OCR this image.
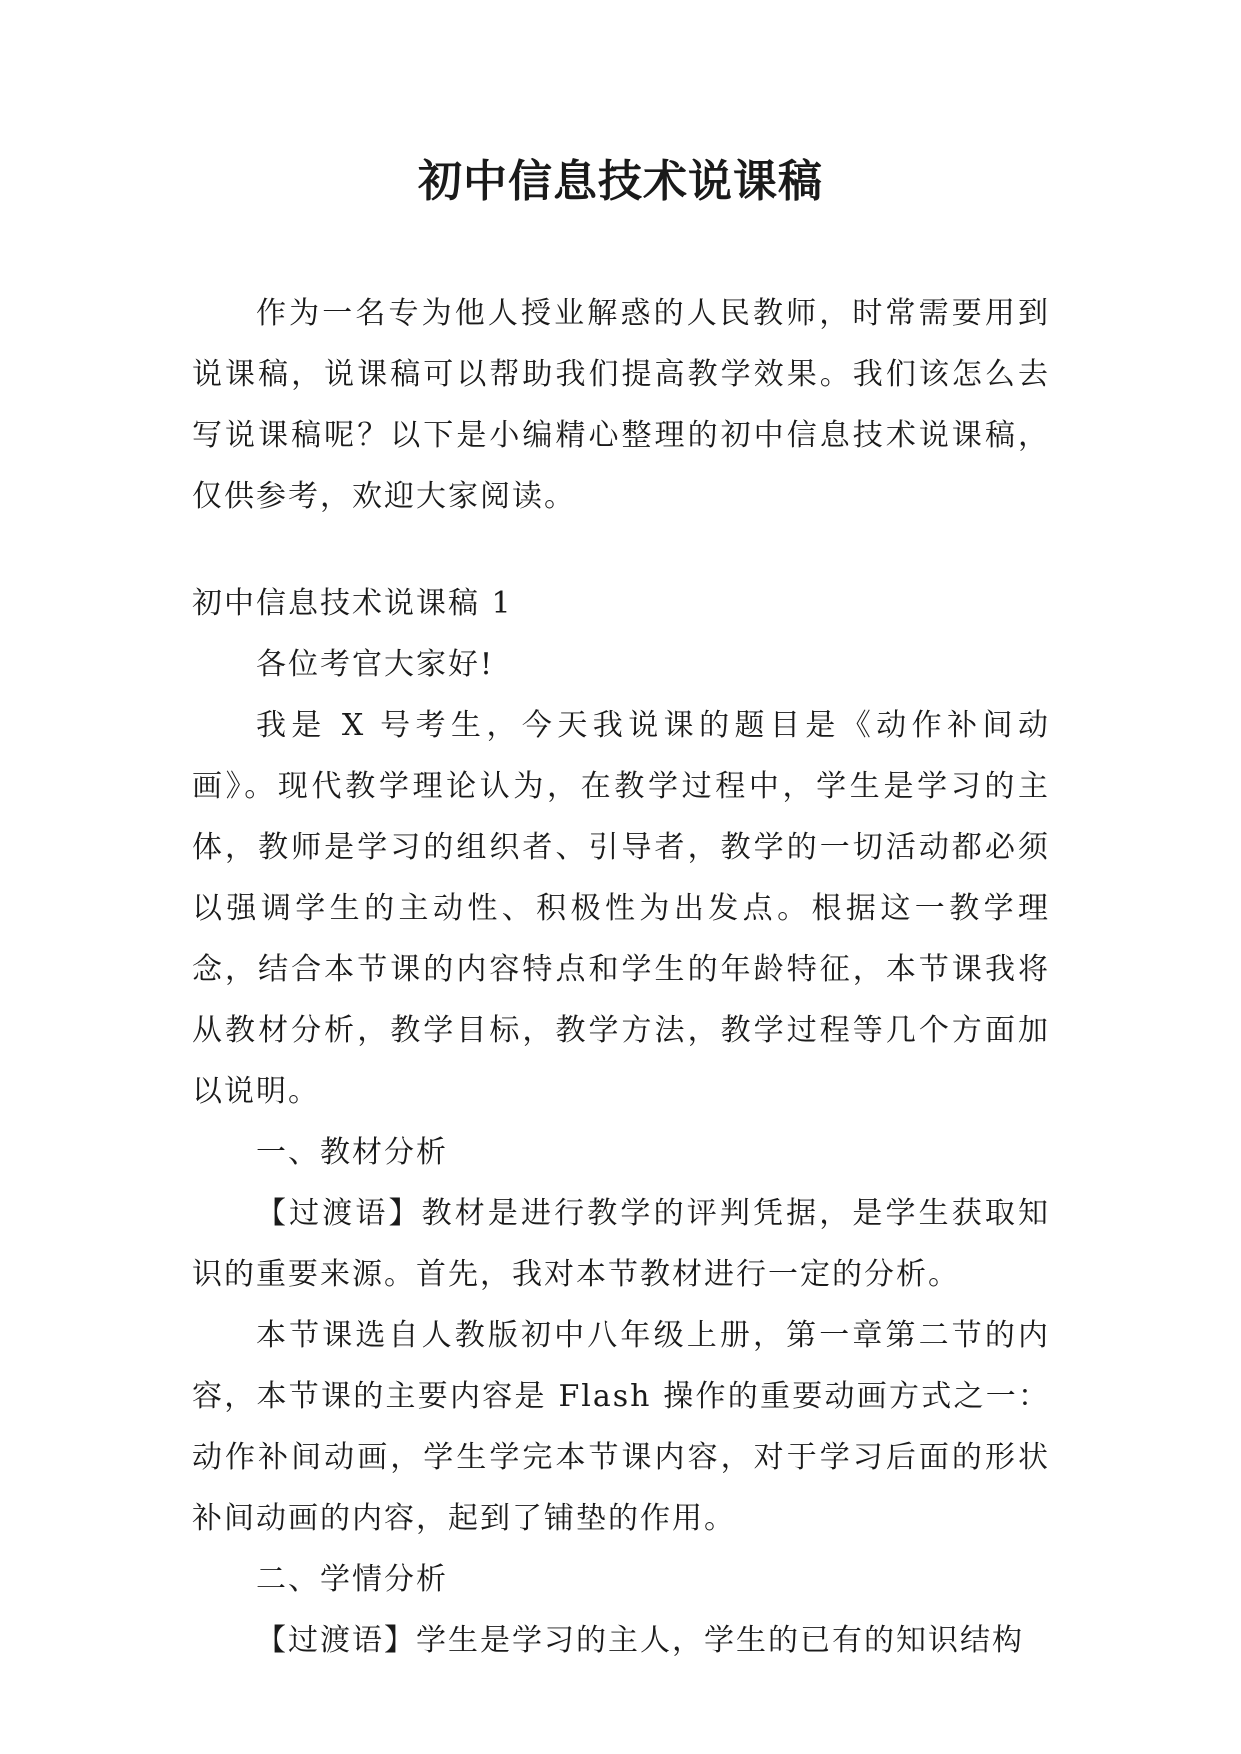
初中信息技术说课稿

作为一名专为他人授业解惑的人民教师，时常需要用到说课稿，说课稿可以帮助我们提高教学效果。我们该怎么去写说课稿呢？以下是小编精心整理的初中信息技术说课稿，仅供参考，欢迎大家阅读。

初中信息技术说课稿 1

各位考官大家好!

我是 X 号考生，今天我说课的题目是《动作补间动画》。现代教学理论认为，在教学过程中，学生是学习的主体，教师是学习的组织者、引导者，教学的一切活动都必须以强调学生的主动性、积极性为出发点。根据这一教学理念，结合本节课的内容特点和学生的年龄特征，本节课我将从教材分析，教学目标，教学方法，教学过程等几个方面加以说明。

一、教材分析

【过渡语】教材是进行教学的评判凭据，是学生获取知识的重要来源。首先，我对本节教材进行一定的分析。

本节课选自人教版初中八年级上册，第一章第二节的内容，本节课的主要内容是 Flash 操作的重要动画方式之一：动作补间动画，学生学完本节课内容，对于学习后面的形状补间动画的内容，起到了铺垫的作用。

二、学情分析

【过渡语】学生是学习的主人，学生的已有的知识结构
